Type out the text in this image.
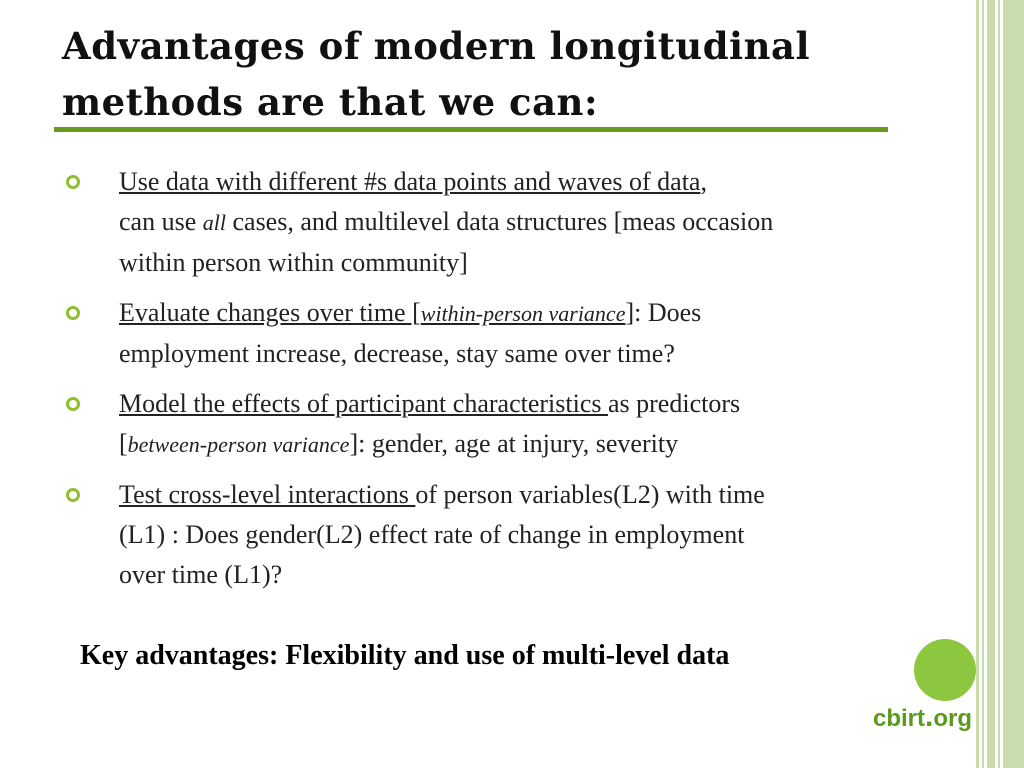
Advantages of modern longitudinal
methods are that we can:
Use data with different #s data points and waves of data,
can use all cases, and multilevel data structures [meas occasion
within person within community]
Evaluate changes over time [within-person variance]: Does
employment increase, decrease, stay same over time?
Model the effects of participant characteristics as predictors
[between-person variance]: gender, age at injury, severity
Test cross-level interactions of person variables(L2) with time
(L1) : Does gender(L2) effect rate of change in employment
over time (L1)?
Key advantages: Flexibility and use of multi-level data
cbirt.org
